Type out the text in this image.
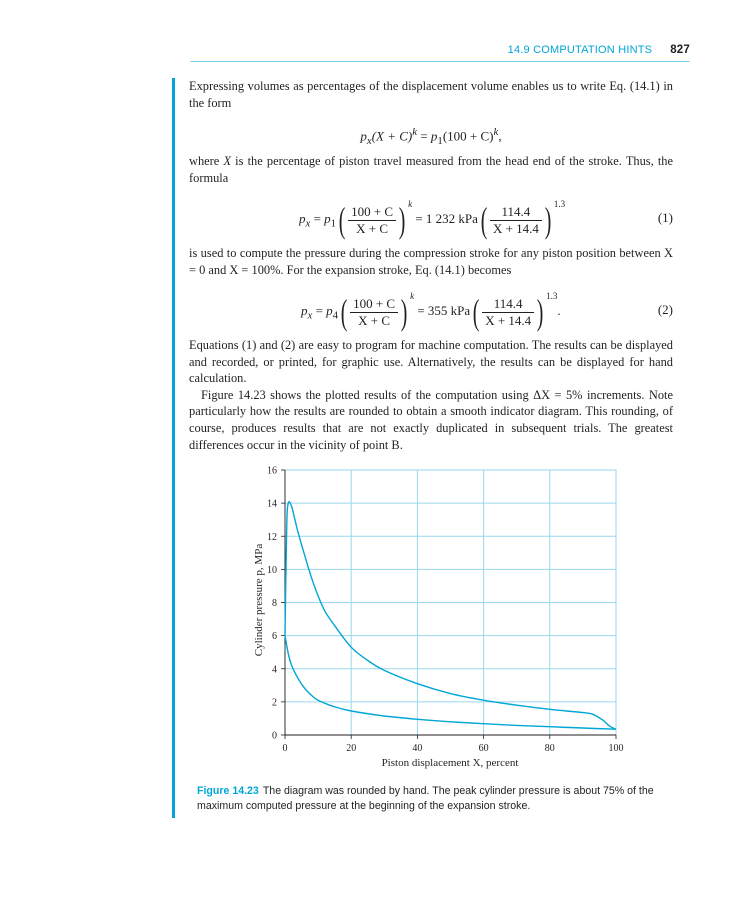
14.9 COMPUTATION HINTS 827

Expressing volumes as percentages of the displacement volume enables us to write Eq. (14.1) in the form

$p_x(X + C)^k = p_1(100 + C)^k$,

where X is the percentage of piston travel measured from the head end of the stroke. Thus, the formula

$p_x = p_1( \frac{100 + C}{X + C}$ ) $^k$ = 1 232 $kPa( \frac{114.4}{X + 14.4}$ ) $^{1.3}$
(1)

is used to compute the pressure during the compression stroke for any piston position between X = 0 and X = 100%. For the expansion stroke, Eq. (14.1) becomes

$p_x = p_4( \frac{100 + C}{X + C}$ ) $^k$ = 355 $kPa( \frac{114.4}{X + 14.4}$ ) $^{1.3}$.	(2)

Equations (1) and (2) are easy to program for machine computation. The results can be displayed and recorded, or printed, for graphic use. Alternatively, the results can be displayed for hand calculation.

Figure 14.23 shows the plotted results of the computation using ΔX = 5% increments. Note particularly how the results are rounded to obtain a smooth indicator diagram. This rounding, of course, produces results that are not exactly duplicated in subsequent trials. The greatest differences occur in the vicinity of point B.

0
2
4
6
8
10
12
14
16
0	20	40	60	80	100
Cylinder pressure p, MPa
Piston displacement X, percent
Figure 14.23 The diagram was rounded by hand. The peak cylinder pressure is about 75% of the maximum computed pressure at the beginning of the expansion stroke.
